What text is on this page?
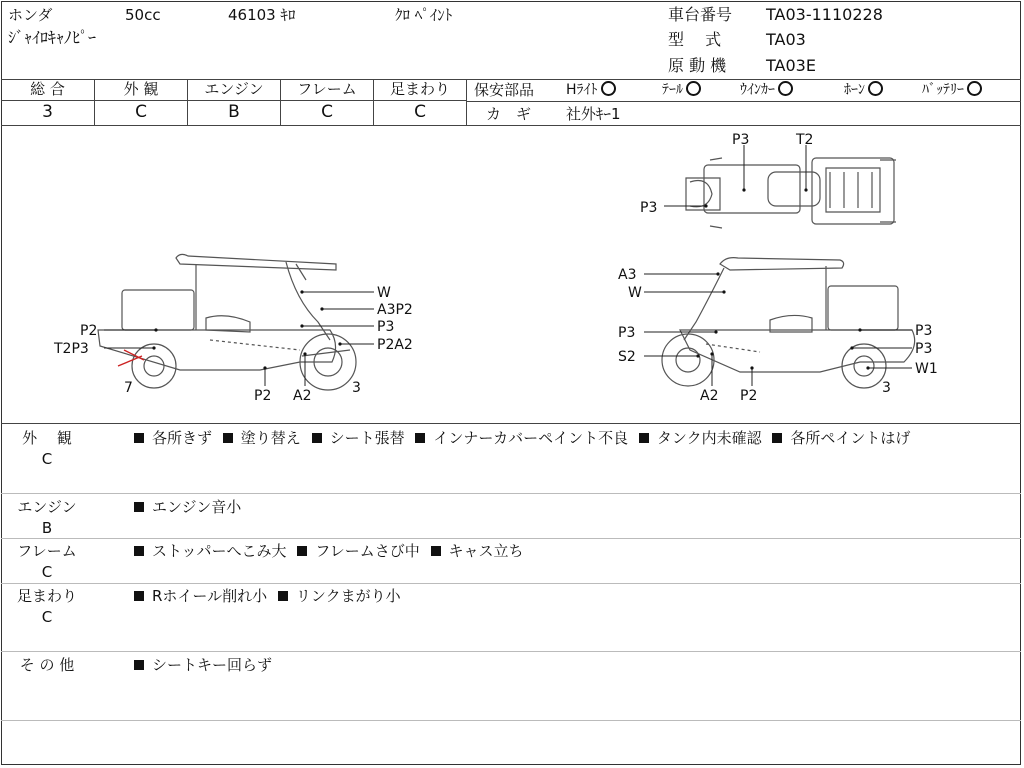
ホンダ	50cc	46103 ｷﾛ	ｸﾛ ﾍﾟｲﾝﾄ
ｼﾞｬｲﾛｷｬﾉﾋﾟｰ
車台番号 TA03-1110228
型　 式	TA03
原 動 機 TA03E
総 合	外 観	エンジン	フレーム	足まわり
3	C	B	C	C
保安部品 Hﾗｲﾄ	ﾃｰﾙ	ｳｲﾝｶｰ	ﾎｰﾝ	ﾊﾞｯﾃﾘｰ
カ　ギ 社外ｷｰ1
P3	T2
P3
W
A3P2
P3
P2A2
P2
T2P3
7	P2 A2	3
A3
W
P3
S2
P3
P3
W1
A2 P2	3
外　 観
C
各所きず 塗り替え シート張替 インナーカバーペイント不良 タンク内未確認 各所ペイントはげ
エンジン
B
エンジン音小
フレーム
C
ストッパーへこみ大 フレームさび中 キャス立ち
足まわり
C
Rホイール削れ小 リンクまがり小
そ の 他	シートキー回らず
